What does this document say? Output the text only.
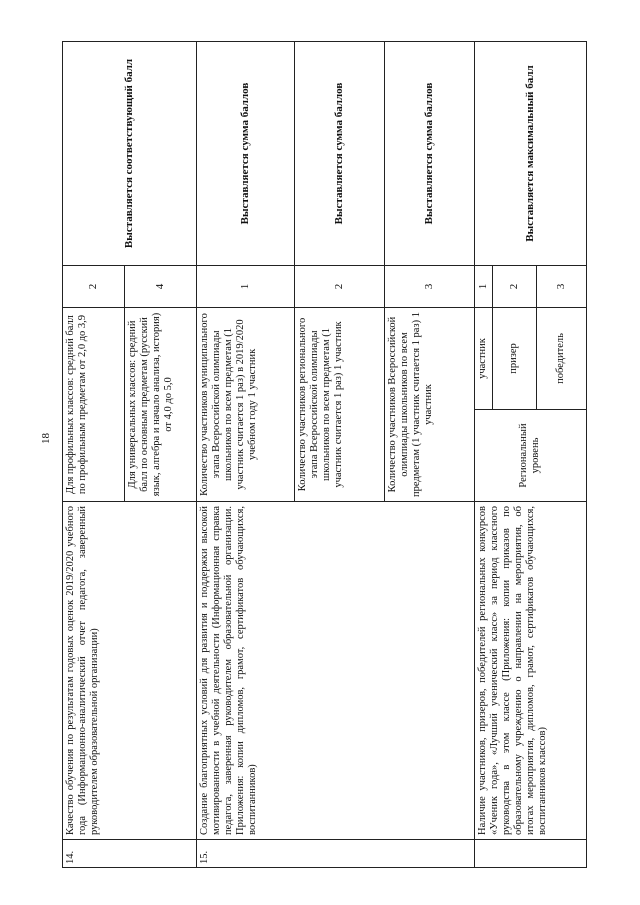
18
14.	Качество обучения по результатам годовых оценок 2019/2020 учебного года (Информационно-аналитический отчет педагога, заверенный руководителем образовательной организации)	Для профильных классов: средний балл по профильным предметам от 2,0 до 3,9		2	Выставляется соответствующий балл
		Для универсальных классов: средний балл по основным предметам (русский язык, алгебра и начало анализа, история) от 4,0 до 5,0		4	
15.	Создание благоприятных условий для развития и поддержки высокой мотивированности в учебной деятельности (Информационная справка педагога, заверенная руководителем образовательной организации. Приложения: копии дипломов, грамот, сертификатов обучающихся, воспитанников)	Количество участников муниципального этапа Всероссийской олимпиады школьников по всем предметам (1 участник считается 1 раз) в 2019/2020 учебном году 1 участник		1	Выставляется сумма баллов
		Количество участников регионального этапа Всероссийской олимпиады школьников по всем предметам (1 участник считается 1 раз) 1 участник		2	Выставляется сумма баллов
		Количество участников Всероссийской олимпиады школьников по всем предметам (1 участник считается 1 раз) 1 участник		3	Выставляется сумма баллов
	Наличие участников, призеров, победителей региональных конкурсов «Ученик года», «Лучший ученический класс» за период классного руководства в этом классе (Приложения: копии приказов по образовательному учреждению о направлении на мероприятия, об итогах мероприятия, дипломов, грамот, сертификатов обучающихся, воспитанников классов)	Региональный уровень	участник	1	Выставляется максимальный балл
			призер	2	
			победитель	3	
